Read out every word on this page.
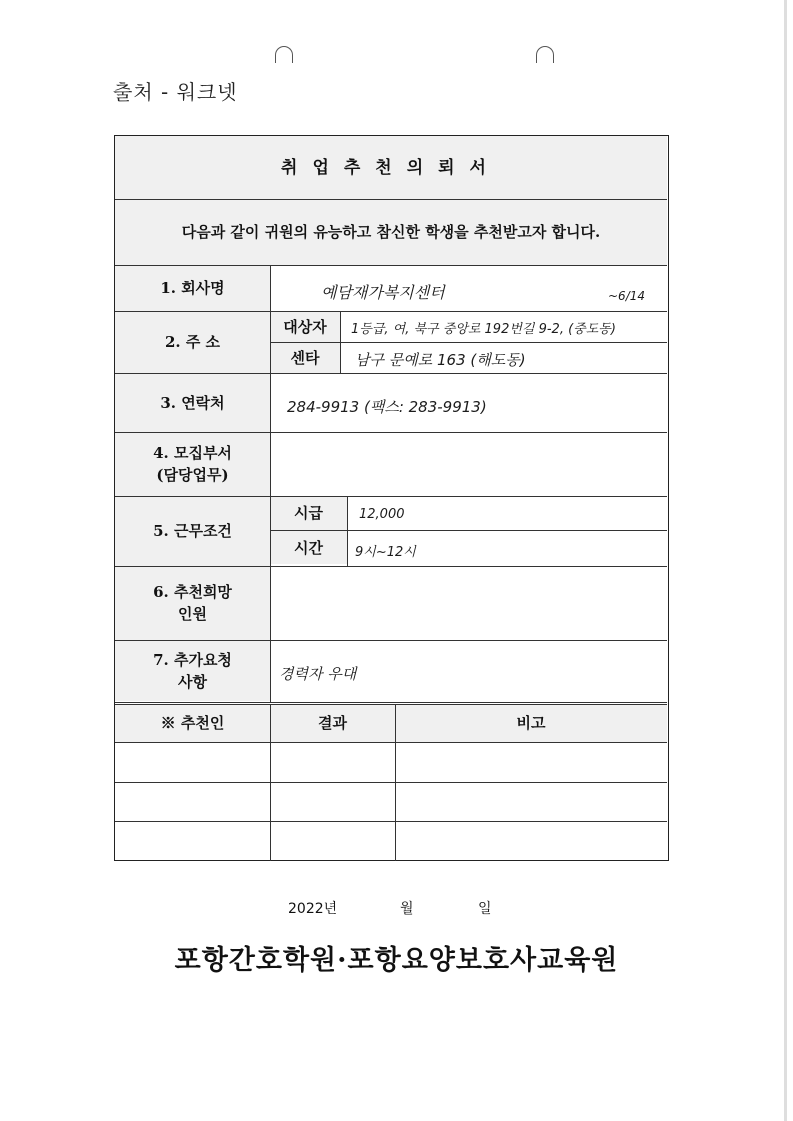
출처 - 워크넷
취업추천의뢰서
다음과 같이 귀원의 유능하고 참신한 학생을 추천받고자 합니다.
1. 회사명	예담재가복지센터	~6/14
2. 주 소
대상자	1등급, 여, 북구 중앙로 192번길 9-2, (중도동)
센타	남구 문예로 163 (해도동)
3. 연락처	284-9913 (팩스: 283-9913)
4. 모집부서
(담당업무)
5. 근무조건
시급	12,000
시간	9시~12시
6. 추천희망
인원
7. 추가요청
사항	경력자 우대
※ 추천인	결과	비고
2022년	월	일
포항간호학원·포항요양보호사교육원
